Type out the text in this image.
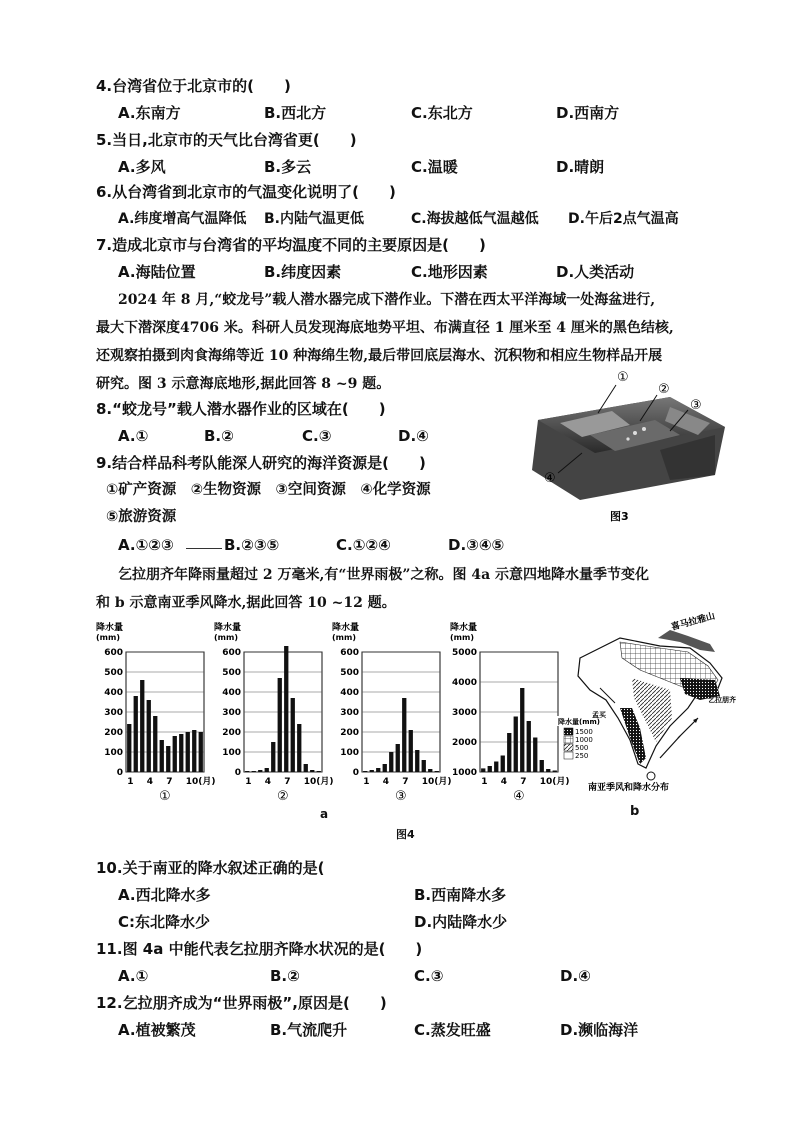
4.台湾省位于北京市的(　　)
A.东南方	B.西北方	C.东北方	D.西南方
5.当日,北京市的天气比台湾省更(　　)
A.多风	B.多云	C.温暖	D.晴朗
6.从台湾省到北京市的气温变化说明了(　　)
A.纬度增高气温降低 B.内陆气温更低	C.海拔越低气温越低 D.午后2点气温高
7.造成北京市与台湾省的平均温度不同的主要原因是(　　)
A.海陆位置	B.纬度因素	C.地形因素	D.人类活动
2024 年 8 月,“蛟龙号”载人潜水器完成下潜作业。下潜在西太平洋海域一处海盆进行,
最大下潜深度4706 米。科研人员发现海底地势平坦、布满直径 1 厘米至 4 厘米的黑色结核,
还观察拍摄到肉食海绵等近 10 种海绵生物,最后带回底层海水、沉积物和相应生物样品开展
研究。图 3 示意海底地形,据此回答 8 ~9 题。
8.“蛟龙号”载人潜水器作业的区域在(　　)
A.①	B.②	C.③	D.④
9.结合样品科考队能深人研究的海洋资源是(　　)
①矿产资源　②生物资源　③空间资源　④化学资源
⑤旅游资源
A.①②③	B.②③⑤	C.①②④	D.③④⑤
①
②
③
④
图3
乞拉朋齐年降雨量超过 2 万毫米,有“世界雨极”之称。图 4a 示意四地降水量季节变化
和 b 示意南亚季风降水,据此回答 10 ~12 题。
降水量
(mm)
0
100
200
300
400
500
600
1 4 7 10(月)
①
降水量
(mm)
0
100
200
300
400
500
600
1 4 7 10(月)
②
降水量
(mm)
0
100
200
300
400
500
600
1 4 7 10(月)
③
降水量
(mm)
1000
2000
3000
4000
5000
1 4 7 10(月)
④
a
喜马拉雅山
降水量(mm)
1500
1000
500
250
孟买
乞拉朋齐
南亚季风和降水分布
b
图4
10.关于南亚的降水叙述正确的是(
A.西北降水多	B.西南降水多
C:东北降水少	D.内陆降水少
11.图 4a 中能代表乞拉朋齐降水状况的是(　　)
A.①	B.②	C.③	D.④
12.乞拉朋齐成为“世界雨极”,原因是(　　)
A.植被繁茂	B.气流爬升	C.蒸发旺盛	D.濒临海洋
